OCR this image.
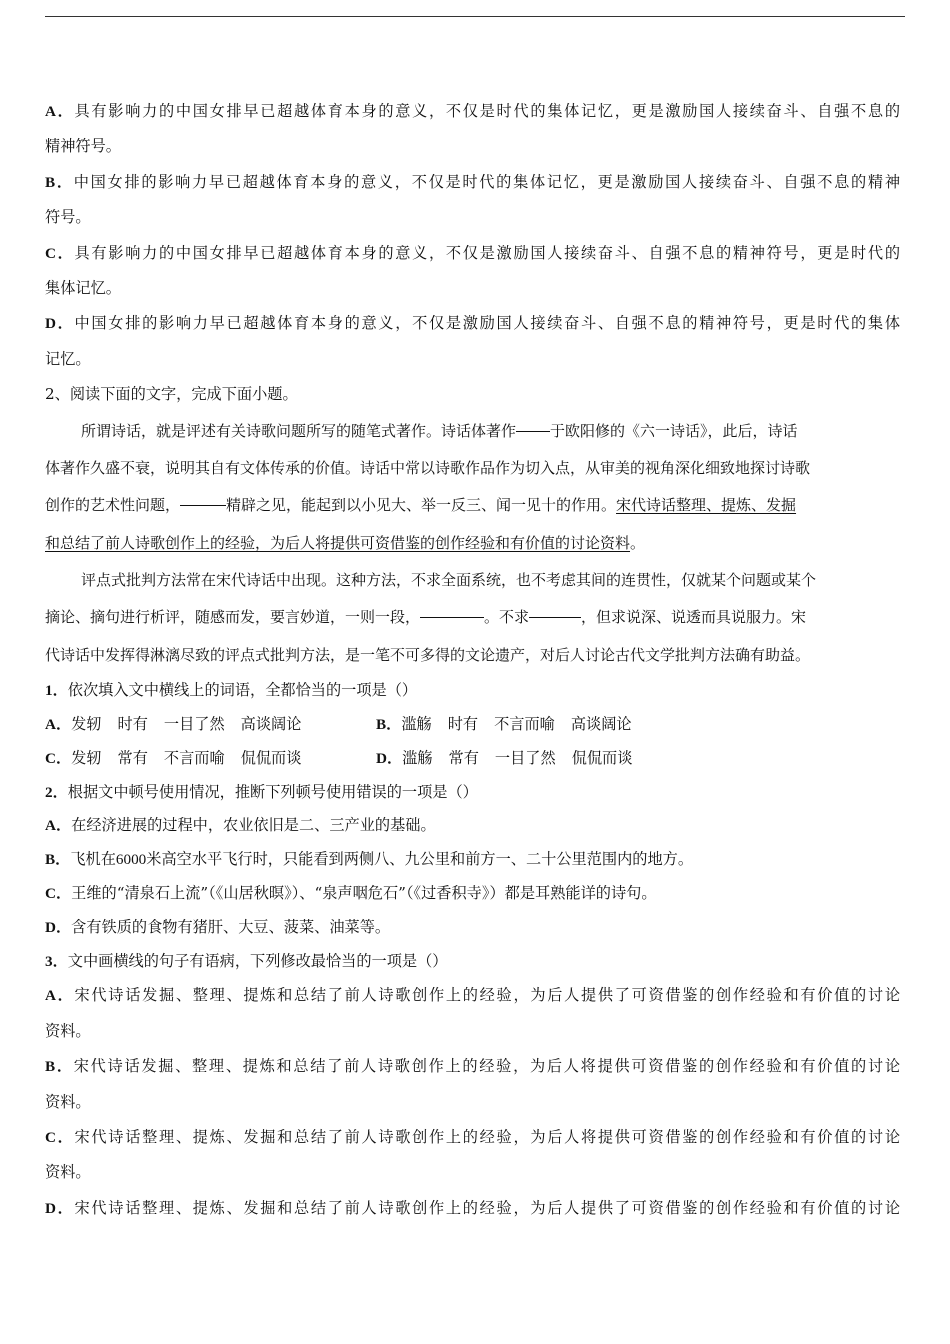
A．具有影响力的中国女排早已超越体育本身的意义，不仅是时代的集体记忆，更是激励国人接续奋斗、自强不息的
精神符号。
B．中国女排的影响力早已超越体育本身的意义，不仅是时代的集体记忆，更是激励国人接续奋斗、自强不息的精神
符号。
C．具有影响力的中国女排早已超越体育本身的意义，不仅是激励国人接续奋斗、自强不息的精神符号，更是时代的
集体记忆。
D．中国女排的影响力早已超越体育本身的意义，不仅是激励国人接续奋斗、自强不息的精神符号，更是时代的集体
记忆。
2、阅读下面的文字，完成下面小题。
所谓诗话，就是评述有关诗歌问题所写的随笔式著作。诗话体著作 于欧阳修的《六一诗话》，此后，诗话
体著作久盛不衰，说明其自有文体传承的价值。诗话中常以诗歌作品作为切入点，从审美的视角深化细致地探讨诗歌
创作的艺术性问题，	精辟之见，能起到以小见大、举一反三、闻一见十的作用。宋代诗话整理、提炼、发掘
和总结了前人诗歌创作上的经验，为后人将提供可资借鉴的创作经验和有价值的讨论资料。
评点式批判方法常在宋代诗话中出现。这种方法，不求全面系统，也不考虑其间的连贯性，仅就某个问题或某个
摘论、摘句进行析评，随感而发，要言妙道，一则一段，	。不求	，但求说深、说透而具说服力。宋
代诗话中发挥得淋漓尽致的评点式批判方法，是一笔不可多得的文论遗产，对后人讨论古代文学批判方法确有助益。
1．依次填入文中横线上的词语，全都恰当的一项是（）
A．发轫 时有 一目了然 高谈阔论	B．滥觞 时有 不言而喻 高谈阔论
C．发轫 常有 不言而喻 侃侃而谈	D．滥觞 常有 一目了然 侃侃而谈
2．根据文中顿号使用情况，推断下列顿号使用错误的一项是（）
A．在经济进展的过程中，农业依旧是二、三产业的基础。
B．飞机在6000米高空水平飞行时，只能看到两侧八、九公里和前方一、二十公里范围内的地方。
C．王维的“清泉石上流”（《山居秋暝》）、“泉声咽危石”（《过香积寺》）都是耳熟能详的诗句。
D．含有铁质的食物有猪肝、大豆、菠菜、油菜等。
3．文中画横线的句子有语病，下列修改最恰当的一项是（）
A．宋代诗话发掘、整理、提炼和总结了前人诗歌创作上的经验，为后人提供了可资借鉴的创作经验和有价值的讨论
资料。
B．宋代诗话发掘、整理、提炼和总结了前人诗歌创作上的经验，为后人将提供可资借鉴的创作经验和有价值的讨论
资料。
C．宋代诗话整理、提炼、发掘和总结了前人诗歌创作上的经验，为后人将提供可资借鉴的创作经验和有价值的讨论
资料。
D．宋代诗话整理、提炼、发掘和总结了前人诗歌创作上的经验，为后人提供了可资借鉴的创作经验和有价值的讨论
